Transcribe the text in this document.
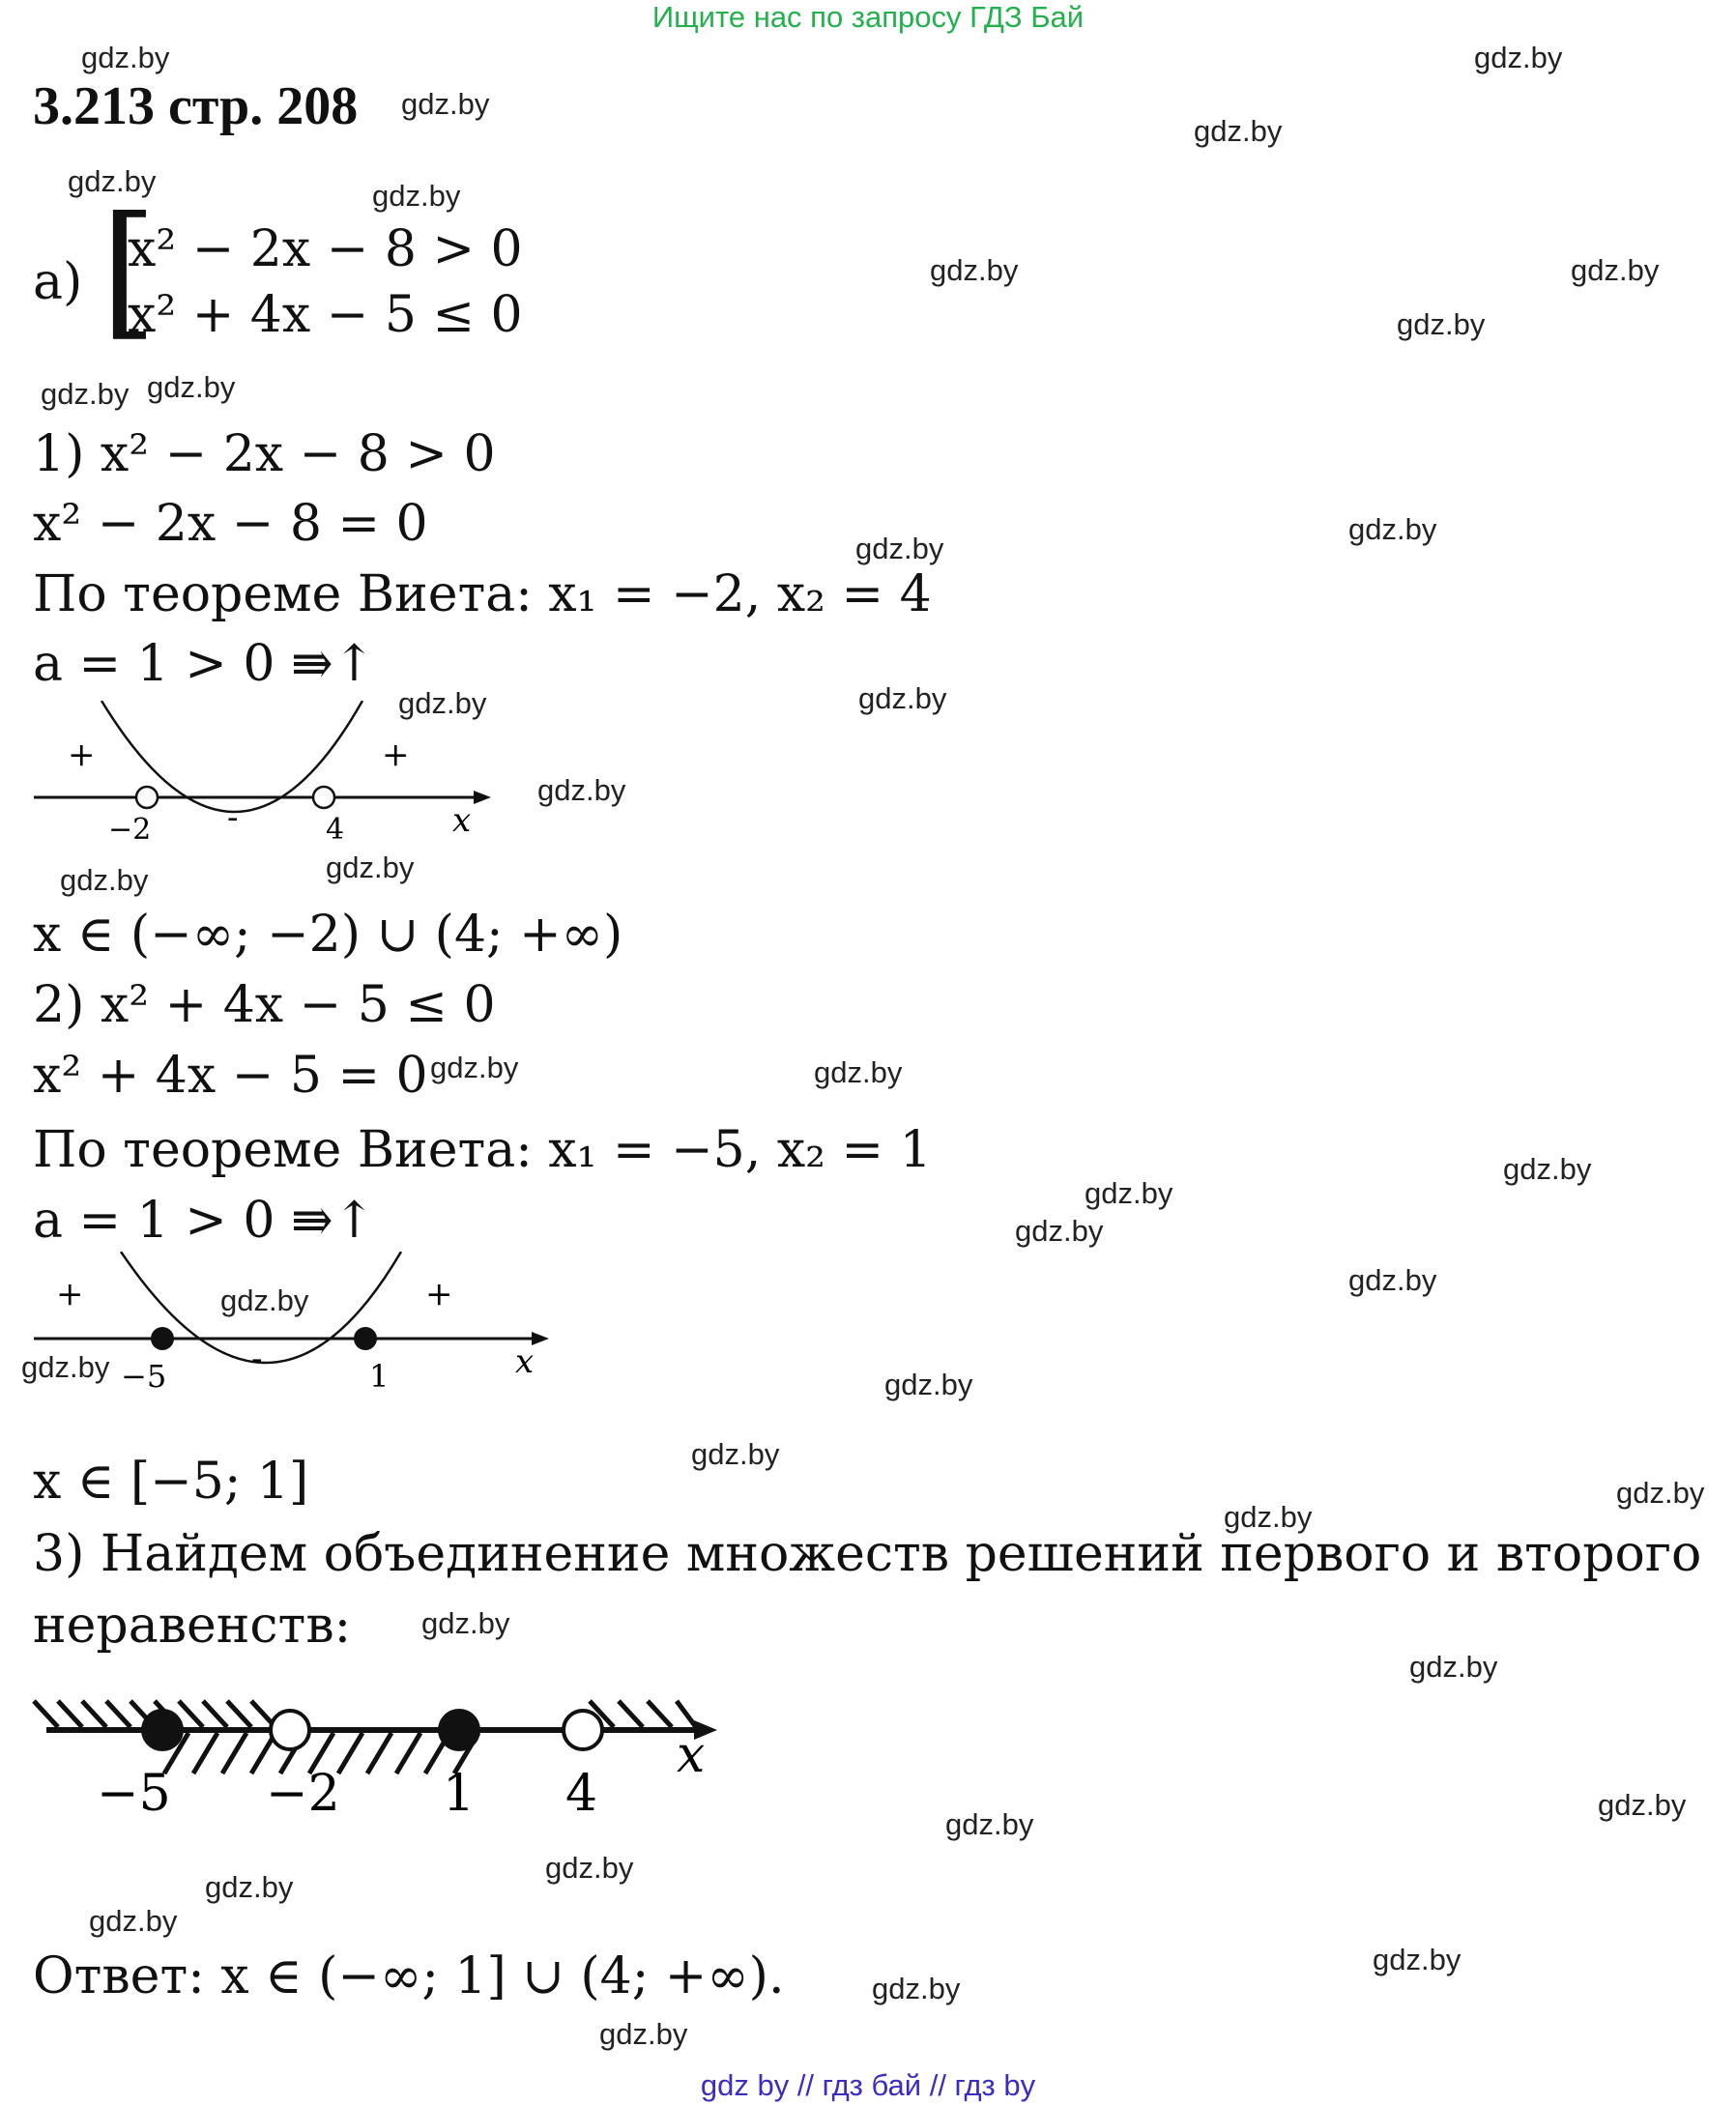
Ищите нас по запросу ГДЗ Бай
3.213 стр. 208
а) [
x² − 2x − 8 > 0
x² + 4x − 5 ≤ 0
1) x² − 2x − 8 > 0
x² − 2x − 8 = 0
По теореме Виета: x₁ = −2, x₂ = 4
a = 1 > 0 ⇛↑
+	+
-
−2	4	x
x ∈ (−∞; −2) ∪ (4; +∞)
2) x² + 4x − 5 ≤ 0
x² + 4x − 5 = 0
По теореме Виета: x₁ = −5, x₂ = 1
a = 1 > 0 ⇛↑
+	+
-
−5	1	x
x ∈ [−5; 1]
3) Найдем объединение множеств решений первого и второго
неравенств:
−5 −2 1 4
x
Ответ: x ∈ (−∞; 1] ∪ (4; +∞).
gdz.by	gdz.by
gdz.by
gdz.by
gdz.by	gdz.by
gdz.by	gdz.by
gdz.by
gdz.by gdz.by
gdz.by
gdz.by
gdz.by	gdz.by
gdz.by
gdz.by	gdz.by
gdz.by	gdz.by
gdz.by
gdz.by
gdz.by
gdz.by
gdz.by
gdz.by
gdz.by
gdz.by
gdz.by
gdz.by
gdz.by
gdz.by
gdz.by
gdz.by
gdz.by
gdz.by
gdz.by
gdz.by
gdz.by
gdz.by
gdz by // гдз бай // гдз by
